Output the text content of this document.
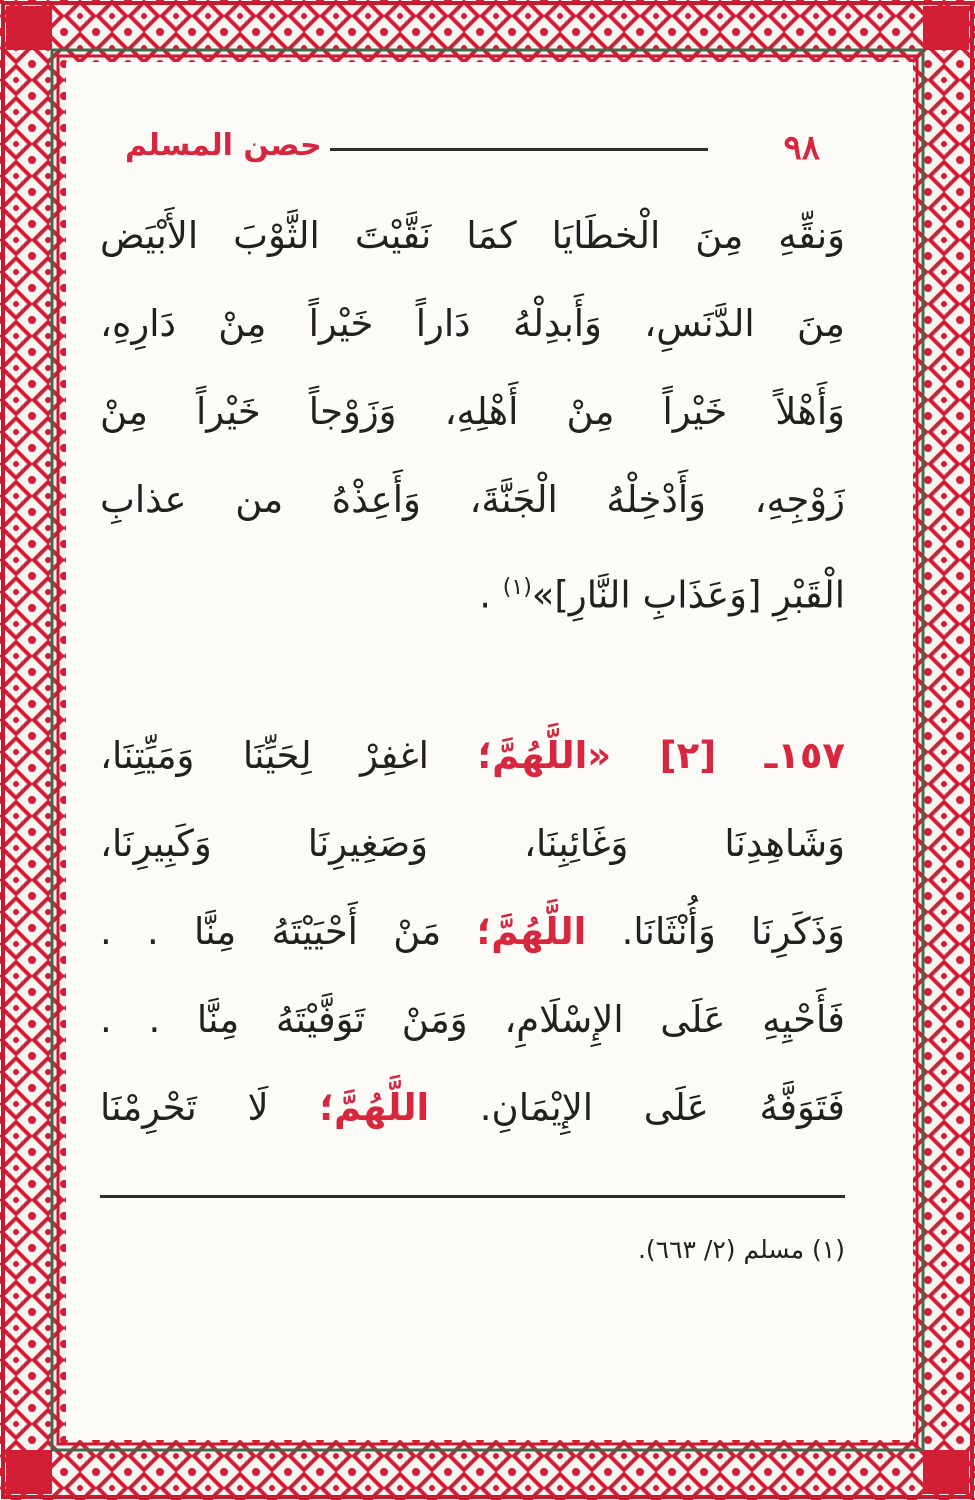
٩٨
حصن المسلم
وَنقِّهِ مِنَ الْخطَايَا كمَا نَقَّيْتَ الثَّوْبَ الأَبْيَض
مِنَ الدَّنَسِ، وَأَبدِلْهُ دَاراً خَيْراً مِنْ دَارِهِ،
وَأَهْلاً خَيْراً مِنْ أَهْلِهِ، وَزَوْجاً خَيْراً مِنْ
زَوْجِهِ، وَأَدْخِلْهُ الْجَنَّةَ، وَأَعِذْهُ من عذابِ
الْقَبْرِ [وَعَذَابِ النَّارِ]»$^{(١)}$ .
١٥٧ـ [٢] «اللَّهُمَّ؛ اغفِرْ لِحَيِّنَا وَمَيِّتِنَا،
وَشَاهِدِنَا وَغَائِبِنَا، وَصَغِيرِنَا وَكَبِيرِنَا،
وَذَكَرِنَا وَأُنْثَانَا. اللَّهُمَّ؛ مَنْ أَحْيَيْتَهُ مِنَّا . .
فَأَحْيِهِ عَلَى الإِسْلَامِ، وَمَنْ تَوَفَّيْتَهُ مِنَّا . .
فَتَوَفَّهُ عَلَى الإِيْمَانِ. اللَّهُمَّ؛ لَا تَحْرِمْنَا
(١) مسلم (٢/ ٦٦٣).
